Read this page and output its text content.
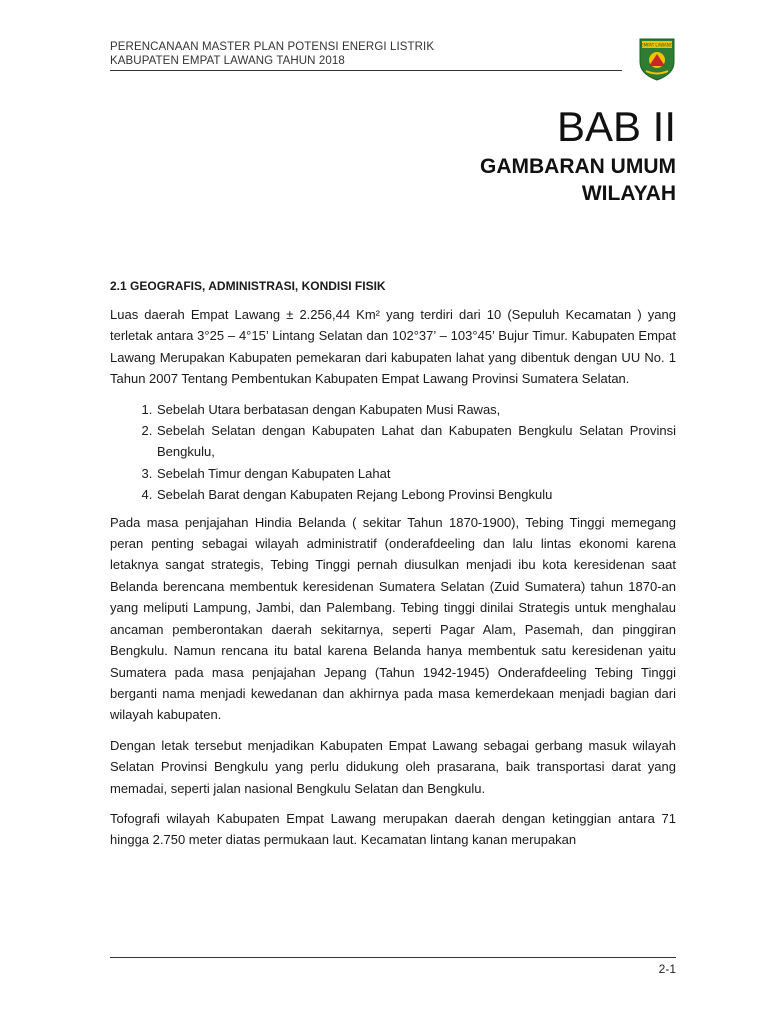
PERENCANAAN MASTER PLAN POTENSI ENERGI LISTRIK
KABUPATEN EMPAT LAWANG TAHUN 2018
EMPAT LAWANG
BAB II
GAMBARAN UMUM
WILAYAH
2.1 GEOGRAFIS, ADMINISTRASI, KONDISI FISIK

Luas daerah Empat Lawang ± 2.256,44 Km² yang terdiri dari 10 (Sepuluh Kecamatan ) yang terletak antara 3°25 – 4°15’ Lintang Selatan dan 102°37’ – 103°45’ Bujur Timur. Kabupaten Empat Lawang Merupakan Kabupaten pemekaran dari kabupaten lahat yang dibentuk dengan UU No. 1 Tahun 2007 Tentang Pembentukan Kabupaten Empat Lawang Provinsi Sumatera Selatan.

1. Sebelah Utara berbatasan dengan Kabupaten Musi Rawas,
2. Sebelah Selatan dengan Kabupaten Lahat dan Kabupaten Bengkulu Selatan Provinsi Bengkulu,
3. Sebelah Timur dengan Kabupaten Lahat
4. Sebelah Barat dengan Kabupaten Rejang Lebong Provinsi Bengkulu

Pada masa penjajahan Hindia Belanda ( sekitar Tahun 1870-1900), Tebing Tinggi memegang peran penting sebagai wilayah administratif (onderafdeeling dan lalu lintas ekonomi karena letaknya sangat strategis, Tebing Tinggi pernah diusulkan menjadi ibu kota keresidenan saat Belanda berencana membentuk keresidenan Sumatera Selatan (Zuid Sumatera) tahun 1870-an yang meliputi Lampung, Jambi, dan Palembang. Tebing tinggi dinilai Strategis untuk menghalau ancaman pemberontakan daerah sekitarnya, seperti Pagar Alam, Pasemah, dan pinggiran Bengkulu. Namun rencana itu batal karena Belanda hanya membentuk satu keresidenan yaitu Sumatera pada masa penjajahan Jepang (Tahun 1942-1945) Onderafdeeling Tebing Tinggi berganti nama menjadi kewedanan dan akhirnya pada masa kemerdekaan menjadi bagian dari wilayah kabupaten.

Dengan letak tersebut menjadikan Kabupaten Empat Lawang sebagai gerbang masuk wilayah Selatan Provinsi Bengkulu yang perlu didukung oleh prasarana, baik transportasi darat yang memadai, seperti jalan nasional Bengkulu Selatan dan Bengkulu.

Tofografi wilayah Kabupaten Empat Lawang merupakan daerah dengan ketinggian antara 71 hingga 2.750 meter diatas permukaan laut. Kecamatan lintang kanan merupakan

2-1
